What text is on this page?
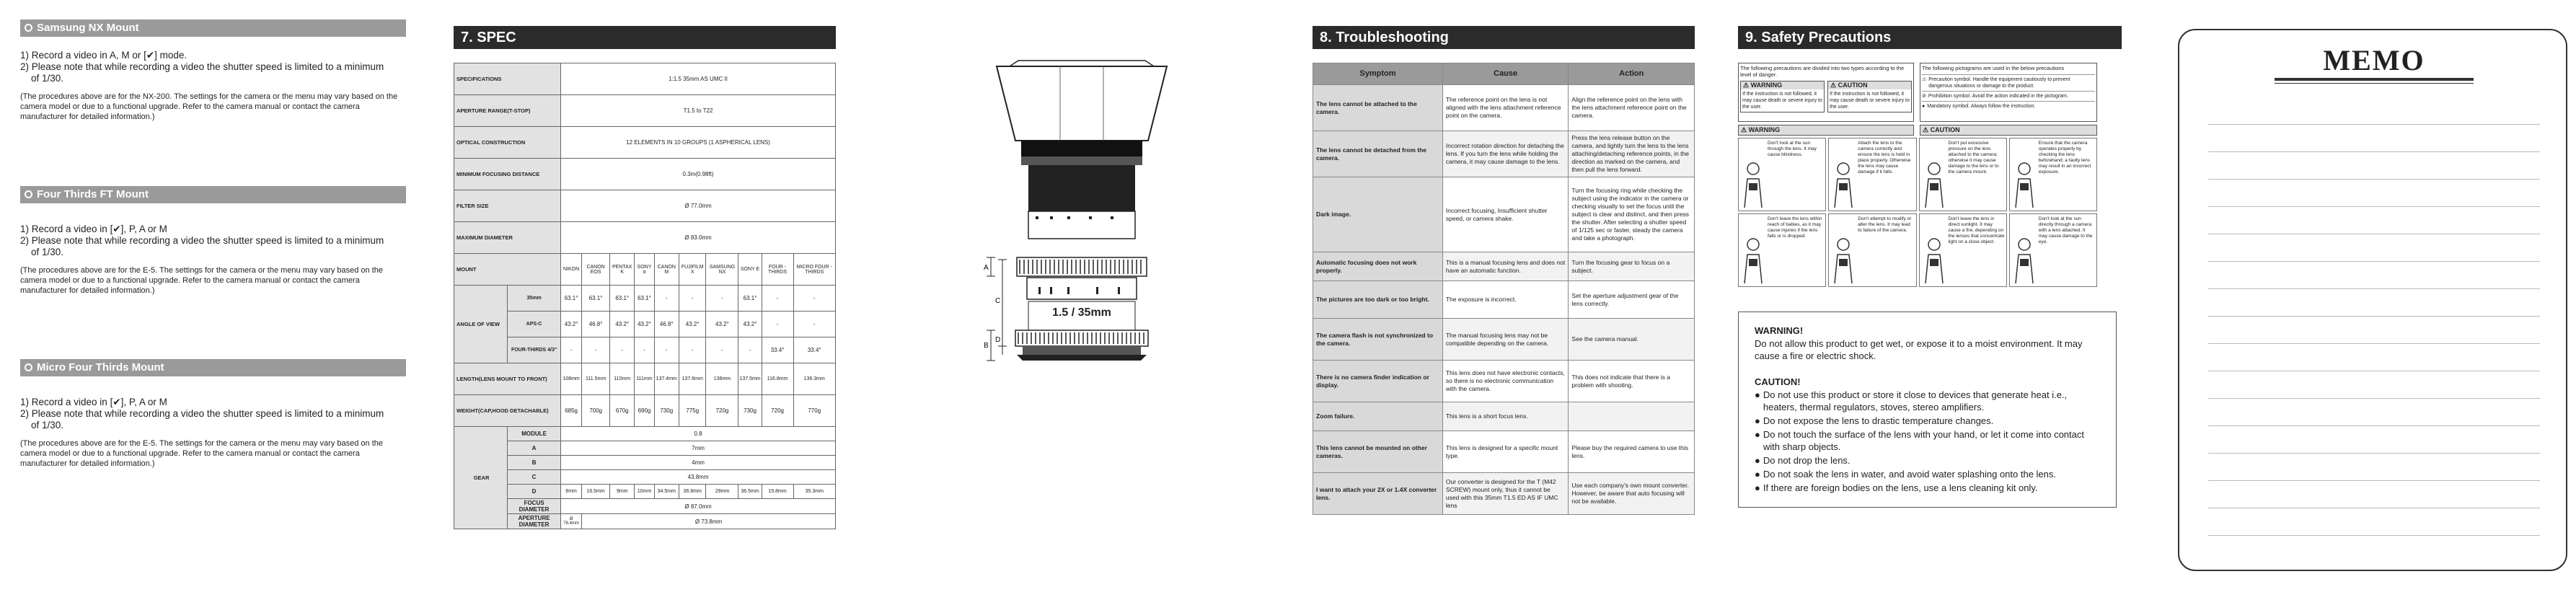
Samsung NX Mount

1) Record a video in A, M or [✔] mode.

2) Please note that while recording a video the shutter speed is limited to a minimum

of 1/30.

(The procedures above are for the NX-200. The settings for the camera or the menu may vary based on the camera model or due to a functional upgrade. Refer to the camera manual or contact the camera manufacturer for detailed information.)

Four Thirds FT Mount

1) Record a video in [✔], P, A or M

2) Please note that while recording a video the shutter speed is limited to a minimum

of 1/30.

(The procedures above are for the E-5. The settings for the camera or the menu may vary based on the camera model or due to a functional upgrade. Refer to the camera manual or contact the camera manufacturer for detailed information.)

Micro Four Thirds Mount

1) Record a video in [✔], P, A or M

2) Please note that while recording a video the shutter speed is limited to a minimum

of 1/30.

(The procedures above are for the E-5. The settings for the camera or the menu may vary based on the camera model or due to a functional upgrade. Refer to the camera manual or contact the camera manufacturer for detailed information.)

7. SPEC
SPECIFICATIONS		1:1.5 35mm AS UMC II									
APERTURE RANGE(T-STOP)		T1.5 to T22									
OPTICAL CONSTRUCTION		12 ELEMENTS IN 10 GROUPS (1 ASPHERICAL LENS)									
MINIMUM FOCUSING DISTANCE		0.3m(0.98ft)									
FILTER SIZE		Ø 77.0mm									
MAXIMUM DIAMETER		Ø 83.0mm									
MOUNT		NIKON	CANON EOS	PENTAX K	SONY α	CANON M	FUJIFILM X	SAMSUNG NX	SONY E	FOUR -THIRDS	MICRO FOUR -THIRDS
ANGLE OF VIEW	35mm	63.1°	63.1°	63.1°	63.1°	-	-	-	63.1°	-	-
	APS-C	43.2°	46.8°	43.2°	43.2°	46.8°	43.2°	43.2°	43.2°	-	-
	FOUR-THIRDS 4/3"	-	-	-	-	-	-	-	-	33.4°	33.4°
LENGTH(LENS MOUNT TO FRONT)		108mm	111.5mm	110mm	111mm	137.4mm	137.6mm	138mm	137.5mm	116.8mm	136.3mm
WEIGHT(CAP,HOOD DETACHABLE)		685g	700g	670g	690g	730g	775g	720g	730g	720g	770g
GEAR	MODULE	0.8									
	A	7mm									
	B	4mm									
	C	43.8mm									
	D	8mm	16.5mm	9mm	10mm	34.5mm	36.8mm	29mm	36.5mm	15.8mm	35.3mm
	FOCUS DIAMETER	Ø 87.0mm									
	APERTURE DIAMETER	Ø 78.4mm	Ø 73.8mm								
1.5 / 35mm
A
C
B
D
8. Troubleshooting
Symptom	Cause	Action
The lens cannot be attached to the camera.	The reference point on the lens is not aligned with the lens attachment reference point on the camera.	Align the reference point on the lens with the lens attachment reference point on the camera.
The lens cannot be detached from the camera.	Incorrect rotation direction for detaching the lens. If you turn the lens while holding the camera, it may cause damage to the lens.	Press the lens release button on the camera, and lightly turn the lens to the lens attaching/detaching reference points, in the direction as marked on the camera, and then pull the lens forward.
Dark image.	Incorrect focusing, Insufficient shutter speed, or camera shake.	Turn the focusing ring while checking the subject using the indicator in the camera or checking visually to set the focus until the subject is clear and distinct, and then press the shutter. After selecting a shutter speed of 1/125 sec or faster, steady the camera and take a photograph.
Automatic focusing does not work properly.	This is a manual focusing lens and does not have an automatic function.	Turn the focusing gear to focus on a subject.
The pictures are too dark or too bright.	The exposure is incorrect.	Set the aperture adjustment gear of the lens correctly.
The camera flash is not synchronized to the camera.	The manual focusing lens may not be compatible depending on the camera.	See the camera manual.
There is no camera finder indication or display.	This lens does not have electronic contacts, so there is no electronic communication with the camera.	This does not indicate that there is a problem with shooting.
Zoom failure.	This lens is a short focus lens.	
This lens cannot be mounted on other cameras.	This lens is designed for a specific mount type.	Please buy the required camera to use this lens.
I want to attach your 2X or 1.4X converter lens.	Our converter is designed for the T (M42 SCREW) mount only, thus it cannot be used with this 35mm T1.5 ED AS IF UMC lens	Use each company's own mount converter. However, be aware that auto focusing will not be available.
9. Safety Precautions
The following precautions are divided into two types according to the level of danger.
⚠ WARNING
If the instruction is not followed, it may cause death or severe injury to the user.
⚠ CAUTION
If the instruction is not followed, it may cause death or severe injury to the user.
The following pictograms are used in the below precautions
⚠ Precaution symbol. Handle the equipment cautiously to prevent dangerous situations or damage to the product.
⊘ Prohibition symbol. Avoid the action indicated in the pictogram.
● Mandatory symbol. Always follow the instruction.
⚠ WARNING	⚠ CAUTION
Don't look at the sun through the lens. It may cause blindness.
Attach the lens to the camera correctly and ensure the lens is held in place properly. Otherwise the lens may cause damage if it falls.
Don't put excessive pressure on the lens attached to the camera; otherwise it may cause damage to the lens or to the camera mount.
Ensure that the camera operates properly by checking the lens beforehand; a faulty lens may result in an incorrect exposure.
Don't leave the lens within reach of babies, as it may cause injuries if the lens falls or is dropped.
Don't attempt to modify or alter the lens. It may lead to failure of the camera.
Don't leave the lens in direct sunlight. It may cause a fire, depending on the lenses that concentrate light on a close object.
Don't look at the sun directly through a camera with a lens attached. It may cause damage to the eye.
WARNING!
Do not allow this product to get wet, or expose it to a moist environment. It may cause a fire or electric shock.
CAUTION!
● Do not use this product or store it close to devices that generate heat i.e., heaters, thermal regulators, stoves, stereo amplifiers.
● Do not expose the lens to drastic temperature changes.
● Do not touch the surface of the lens with your hand, or let it come into contact with sharp objects.
● Do not drop the lens.
● Do not soak the lens in water, and avoid water splashing onto the lens.
● If there are foreign bodies on the lens, use a lens cleaning kit only.
MEMO
